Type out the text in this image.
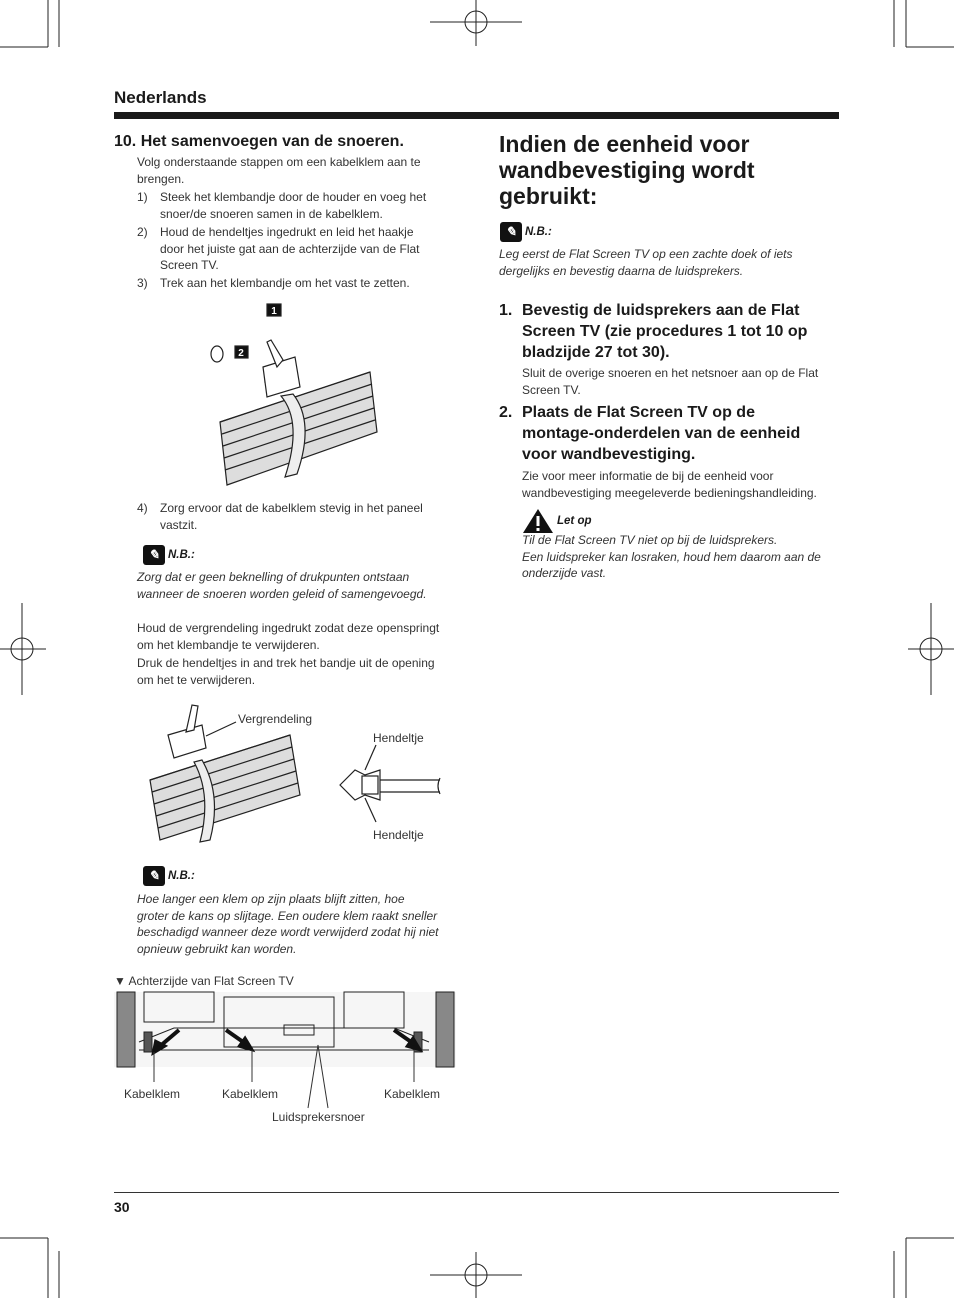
Nederlands
10. Het samenvoegen van de snoeren.
Volg onderstaande stappen om een kabelklem aan te brengen.
1) Steek het klembandje door de houder en voeg het
snoer/de snoeren samen in de kabelklem.
2) Houd de hendeltjes ingedrukt en leid het haakje
door het juiste gat aan de achterzijde van de Flat
Screen TV.
3) Trek aan het klembandje om het vast te zetten.
1
2
4) Zorg ervoor dat de kabelklem stevig in het paneel
vastzit.
✎ N.B.:
Zorg dat er geen beknelling of drukpunten ontstaan
wanneer de snoeren worden geleid of samengevoegd.
Houd de vergrendeling ingedrukt zodat deze openspringt
om het klembandje te verwijderen.
Druk de hendeltjes in and trek het bandje uit de opening
om het te verwijderen.
Vergrendeling
Hendeltje
Hendeltje
✎ N.B.:
Hoe langer een klem op zijn plaats blijft zitten, hoe
groter de kans op slijtage. Een oudere klem raakt sneller
beschadigd wanneer deze wordt verwijderd zodat hij niet
opnieuw gebruikt kan worden.
▼ Achterzijde van Flat Screen TV
Kabelklem	Kabelklem	Kabelklem
Luidsprekersnoer
Indien de eenheid voor
wandbevestiging wordt
gebruikt:
✎ N.B.:
Leg eerst de Flat Screen TV op een zachte doek of iets
dergelijks en bevestig daarna de luidsprekers.
1. Bevestig de luidsprekers aan de Flat
Screen TV (zie procedures 1 tot 10 op
bladzijde 27 tot 30).
Sluit de overige snoeren en het netsnoer aan op de Flat
Screen TV.
2. Plaats de Flat Screen TV op de
montage-onderdelen van de eenheid
voor wandbevestiging.
Zie voor meer informatie de bij de eenheid voor
wandbevestiging meegeleverde bedieningshandleiding.
Let op
Til de Flat Screen TV niet op bij de luidsprekers.
Een luidspreker kan losraken, houd hem daarom aan de
onderzijde vast.
30
